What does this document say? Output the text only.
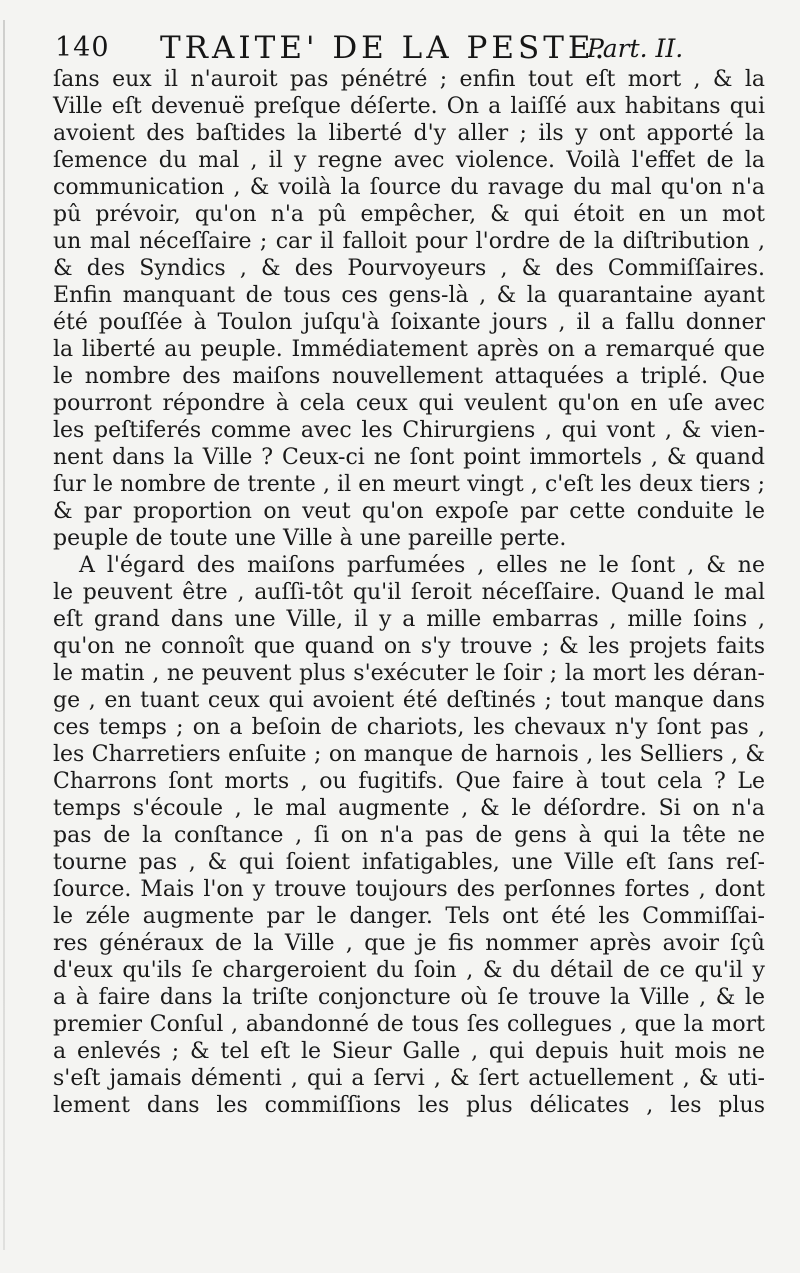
140 TRAITE' DE LA PESTE.
Part. II.
ſans eux il n'auroit pas pénétré ; enfin tout eſt mort , & la
Ville eſt devenuë preſque déſerte. On a laiſſé aux habitans qui
avoient des baſtides la liberté d'y aller ; ils y ont apporté la
ſemence du mal , il y regne avec violence. Voilà l'effet de la
communication , & voilà la ſource du ravage du mal qu'on n'a
pû prévoir, qu'on n'a pû empêcher, & qui étoit en un mot
un mal néceſſaire ; car il falloit pour l'ordre de la diſtribution ,
& des Syndics , & des Pourvoyeurs , & des Commiſſaires.
Enfin manquant de tous ces gens-là , & la quarantaine ayant
été pouſſée à Toulon juſqu'à ſoixante jours , il a fallu donner
la liberté au peuple. Immédiatement après on a remarqué que
le nombre des maiſons nouvellement attaquées a triplé. Que
pourront répondre à cela ceux qui veulent qu'on en uſe avec
les peſtiferés comme avec les Chirurgiens , qui vont , & vien-
nent dans la Ville ? Ceux-ci ne ſont point immortels , & quand
ſur le nombre de trente , il en meurt vingt , c'eſt les deux tiers ;
& par proportion on veut qu'on expoſe par cette conduite le
peuple de toute une Ville à une pareille perte.
A l'égard des maiſons parfumées , elles ne le ſont , & ne
le peuvent être , auſſi-tôt qu'il ſeroit néceſſaire. Quand le mal
eſt grand dans une Ville, il y a mille embarras , mille ſoins ,
qu'on ne connoît que quand on s'y trouve ; & les projets faits
le matin , ne peuvent plus s'exécuter le ſoir ; la mort les déran-
ge , en tuant ceux qui avoient été deſtinés ; tout manque dans
ces temps ; on a beſoin de chariots, les chevaux n'y ſont pas ,
les Charretiers enſuite ; on manque de harnois , les Selliers , &
Charrons ſont morts , ou fugitifs. Que faire à tout cela ? Le
temps s'écoule , le mal augmente , & le déſordre. Si on n'a
pas de la conſtance , ſi on n'a pas de gens à qui la tête ne
tourne pas , & qui ſoient infatigables, une Ville eſt ſans reſ-
ſource. Mais l'on y trouve toujours des perſonnes fortes , dont
le zéle augmente par le danger. Tels ont été les Commiſſai-
res généraux de la Ville , que je fis nommer après avoir ſçû
d'eux qu'ils ſe chargeroient du ſoin , & du détail de ce qu'il y
a à faire dans la triſte conjoncture où ſe trouve la Ville , & le
premier Conſul , abandonné de tous ſes collegues , que la mort
a enlevés ; & tel eſt le Sieur Galle , qui depuis huit mois ne
s'eſt jamais démenti , qui a ſervi , & ſert actuellement , & uti-
lement dans les commiſſions les plus délicates , les plus
